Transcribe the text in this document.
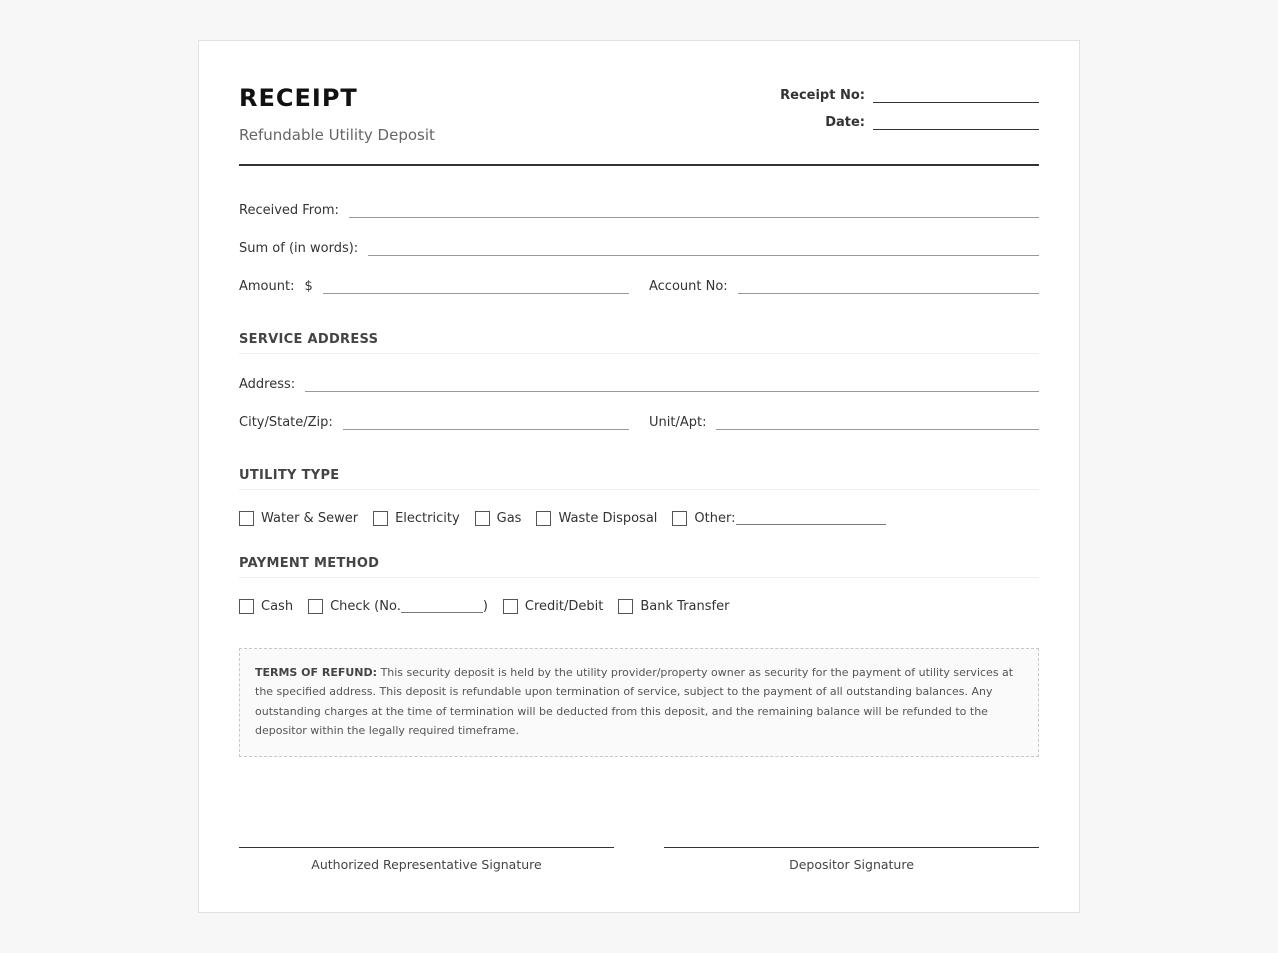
RECEIPT
Refundable Utility Deposit
Receipt No:
Date:
Received From:
Sum of (in words):
Amount: $	Account No:
SERVICE ADDRESS
Address:
City/State/Zip:	Unit/Apt:
UTILITY TYPE
Water & Sewer	Electricity	Gas	Waste Disposal	Other:
PAYMENT METHOD
Cash	Check (No.	)	Credit/Debit	Bank Transfer
TERMS OF REFUND: This security deposit is held by the utility provider/property owner as security for the payment of utility services at the specified address. This deposit is refundable upon termination of service, subject to the payment of all outstanding balances. Any outstanding charges at the time of termination will be deducted from this deposit, and the remaining balance will be refunded to the depositor within the legally required timeframe.
Authorized Representative Signature	Depositor Signature
